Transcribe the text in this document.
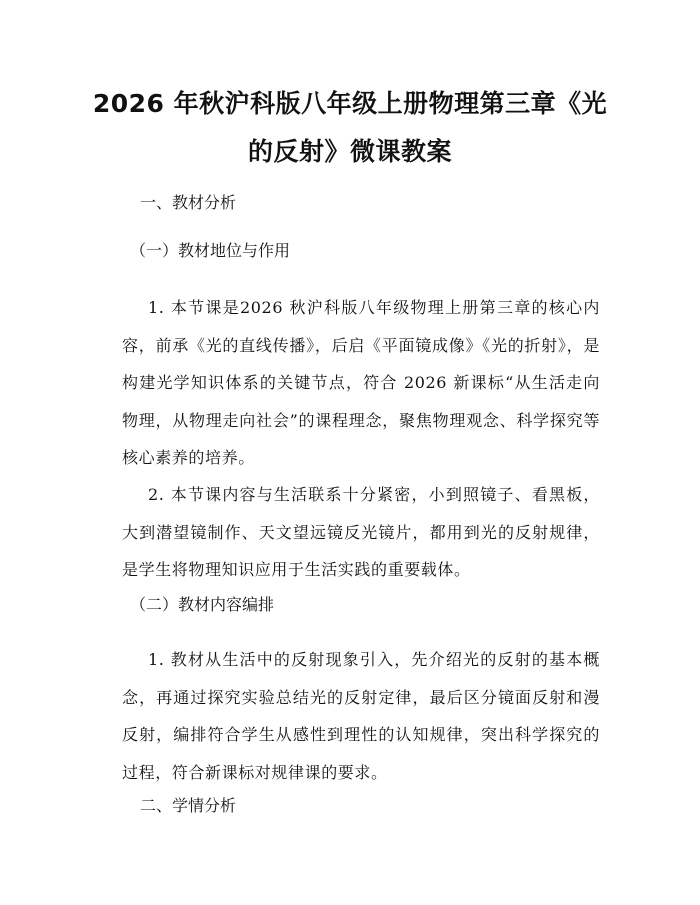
2026 年秋沪科版八年级上册物理第三章《光
的反射》微课教案
一、教材分析
（一）教材地位与作用
1. 本节课是2026 秋沪科版八年级物理上册第三章的核心内容，前承《光的直线传播》，后启《平面镜成像》《光的折射》，是构建光学知识体系的关键节点，符合 2026 新课标“从生活走向物理，从物理走向社会”的课程理念，聚焦物理观念、科学探究等核心素养的培养。
2. 本节课内容与生活联系十分紧密，小到照镜子、看黑板，大到潜望镜制作、天文望远镜反光镜片，都用到光的反射规律，是学生将物理知识应用于生活实践的重要载体。
（二）教材内容编排
1. 教材从生活中的反射现象引入，先介绍光的反射的基本概念，再通过探究实验总结光的反射定律，最后区分镜面反射和漫反射，编排符合学生从感性到理性的认知规律，突出科学探究的过程，符合新课标对规律课的要求。
二、学情分析
